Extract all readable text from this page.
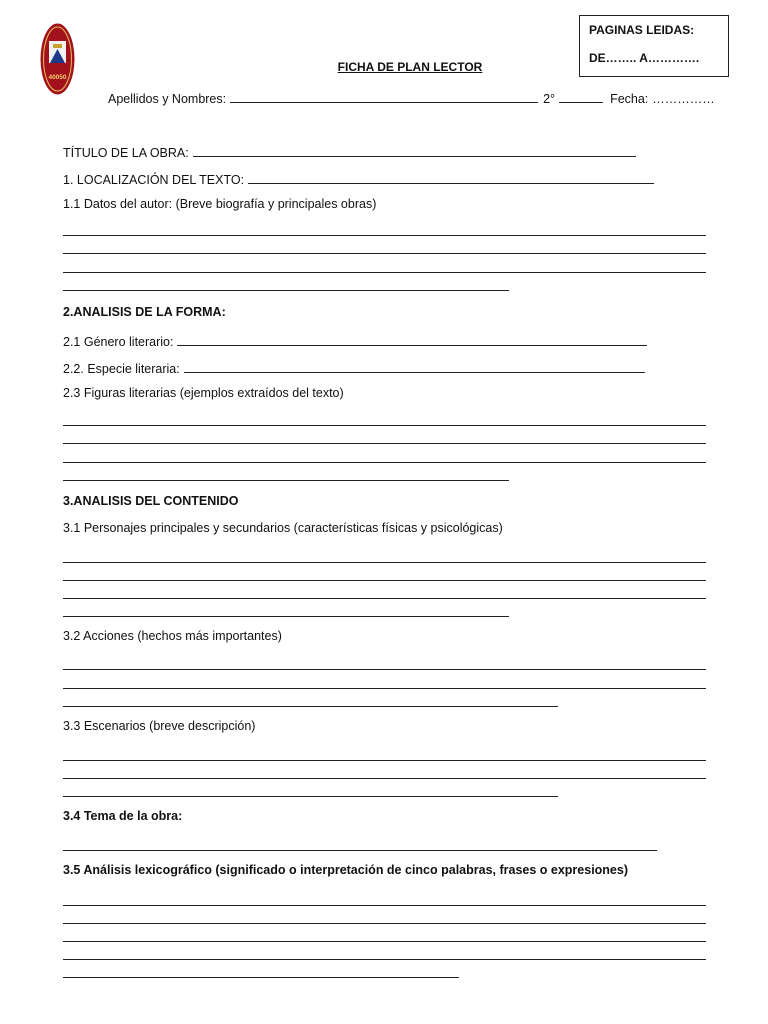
40050
PAGINAS LEIDAS:
DE…….. A………….
FICHA DE PLAN LECTOR
Apellidos y Nombres:	2°	Fecha: ……………
TÍTULO DE LA OBRA:
1. LOCALIZACIÓN DEL TEXTO:
1.1 Datos del autor: (Breve biografía y principales obras)
2.ANALISIS DE LA FORMA:
2.1 Género literario:
2.2. Especie literaria:
2.3 Figuras literarias (ejemplos extraídos del texto)
3.ANALISIS DEL CONTENIDO
3.1 Personajes principales y secundarios (características físicas y psicológicas)
3.2 Acciones (hechos más importantes)
3.3 Escenarios (breve descripción)
3.4 Tema de la obra:
3.5 Análisis lexicográfico (significado o interpretación de cinco palabras, frases o expresiones)
